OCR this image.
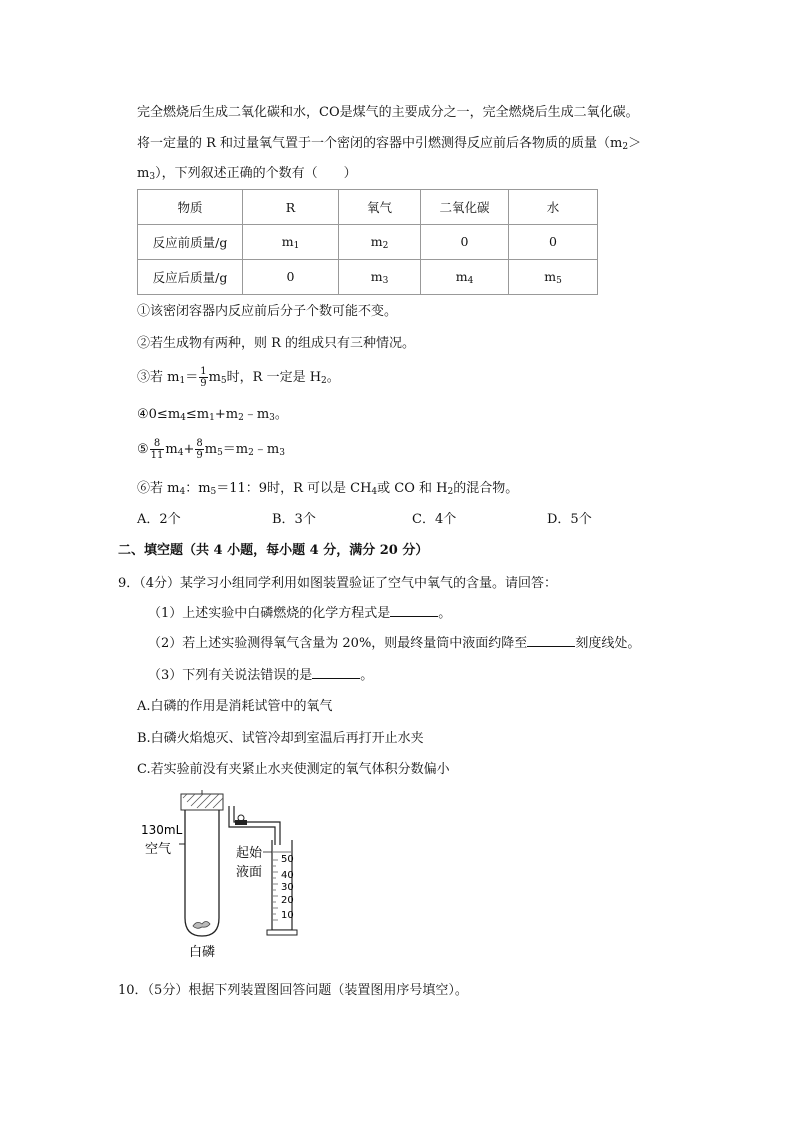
完全燃烧后生成二氧化碳和水，CO是煤气的主要成分之一，完全燃烧后生成二氧化碳。
将一定量的 R 和过量氧气置于一个密闭的容器中引燃测得反应前后各物质的质量（$m_2>$
$m_3$），下列叙述正确的个数有（　　）
物质	R	氧气	二氧化碳	水
反应前质量/g	$m_1$	$m_2$	0	0
反应后质量/g	0	$m_3$	$m_4$	$m_5$
①该密闭容器内反应前后分子个数可能不变。
②若生成物有两种，则 R 的组成只有三种情况。
③若 $m_1= \frac{1}{9} m_5$时，R 一定是 $H_2$。
$④0\le m_4\le m_1+m_2﹣m_3$。
⑤ $\frac{8}{11} m_4+ \frac{8}{9}$ $m_5=m_2﹣m_3$
⑥若 $m_4$：$m_5=11$：9时，R 可以是 $CH_4$或 CO 和 $H_2$的混合物。
A．2个	B．3个	C．4个	D．5个
二、填空题（共 4 小题，每小题 4 分，满分 20 分）
9．（4分）某学习小组同学利用如图装置验证了空气中氧气的含量。请回答：
（1）上述实验中白磷燃烧的化学方程式是	。
（2）若上述实验测得氧气含量为 20%，则最终量筒中液面约降至	刻度线处。
（3）下列有关说法错误的是	。
A.白磷的作用是消耗试管中的氧气
B.白磷火焰熄灭、试管冷却到室温后再打开止水夹
C.若实验前没有夹紧止水夹使测定的氧气体积分数偏小
50
40
30
20
10
130mL
空气	起始
液面
白磷
10．（5分）根据下列装置图回答问题（装置图用序号填空）。
